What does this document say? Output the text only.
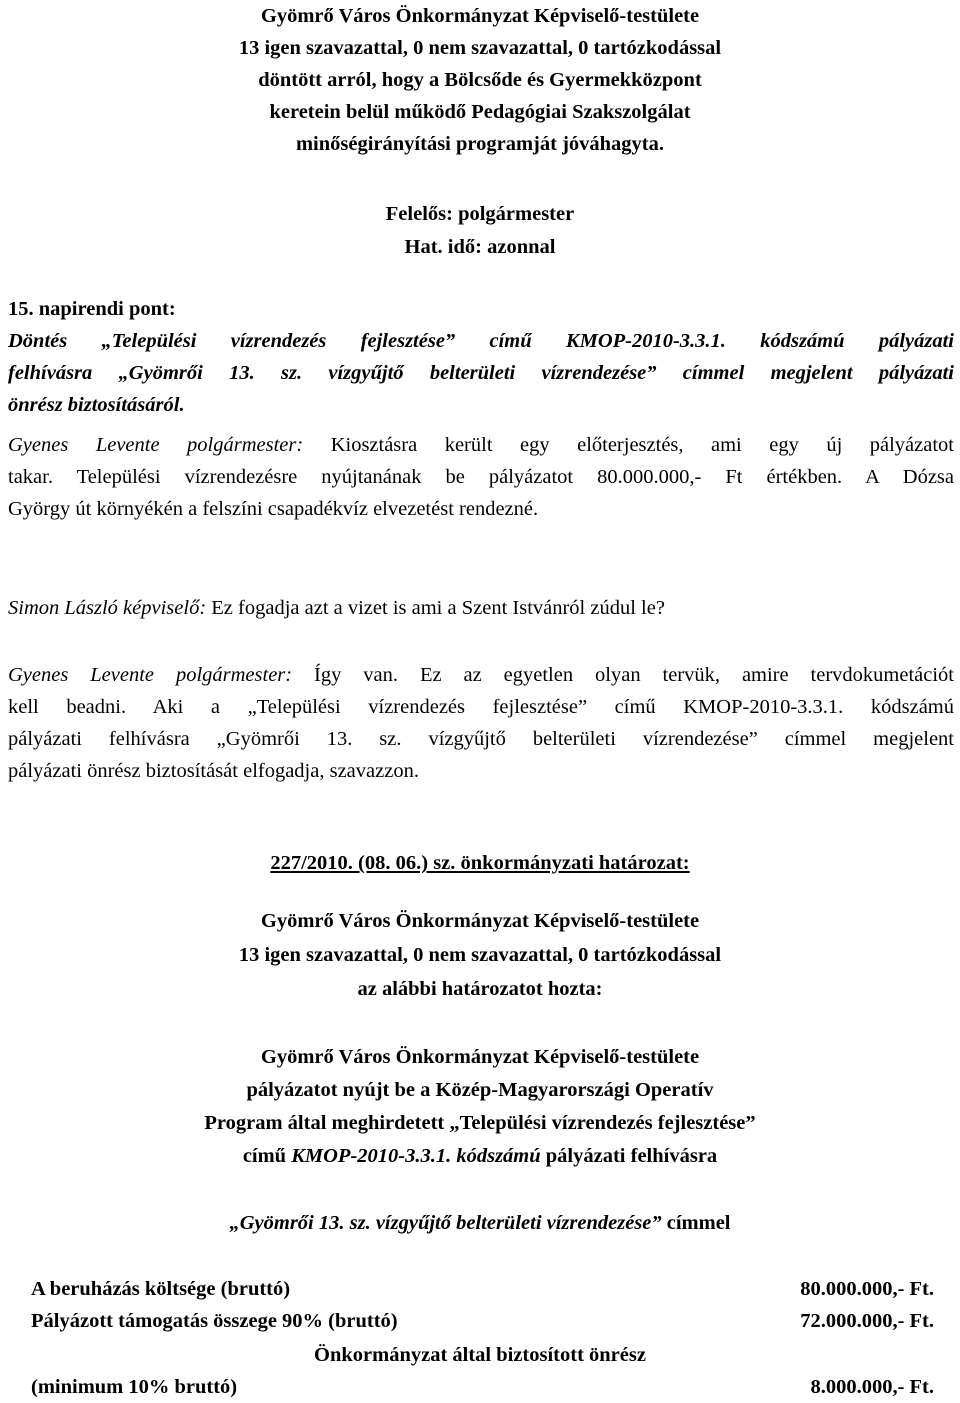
Gyömrő Város Önkormányzat Képviselő-testülete
13 igen szavazattal, 0 nem szavazattal, 0 tartózkodással
döntött arról, hogy a Bölcsőde és Gyermekközpont
keretein belül működő Pedagógiai Szakszolgálat
minőségirányítási programját jóváhagyta.
Felelős: polgármester
Hat. idő: azonnal
15. napirendi pont:
Döntés „Települési vízrendezés fejlesztése” című KMOP-2010-3.3.1. kódszámú pályázati
felhívásra „Gyömrői 13. sz. vízgyűjtő belterületi vízrendezése” címmel megjelent pályázati
önrész biztosításáról.
Gyenes Levente polgármester: Kiosztásra került egy előterjesztés, ami egy új pályázatot
takar. Települési vízrendezésre nyújtanának be pályázatot 80.000.000,- Ft értékben. A Dózsa
György út környékén a felszíni csapadékvíz elvezetést rendezné.
Simon László képviselő: Ez fogadja azt a vizet is ami a Szent Istvánról zúdul le?
Gyenes Levente polgármester: Így van. Ez az egyetlen olyan tervük, amire tervdokumetációt
kell beadni. Aki a „Települési vízrendezés fejlesztése” című KMOP-2010-3.3.1. kódszámú
pályázati felhívásra „Gyömrői 13. sz. vízgyűjtő belterületi vízrendezése” címmel megjelent
pályázati önrész biztosítását elfogadja, szavazzon.
227/2010. (08. 06.) sz. önkormányzati határozat:
Gyömrő Város Önkormányzat Képviselő-testülete
13 igen szavazattal, 0 nem szavazattal, 0 tartózkodással
az alábbi határozatot hozta:
Gyömrő Város Önkormányzat Képviselő-testülete
pályázatot nyújt be a Közép-Magyarországi Operatív
Program által meghirdetett „Települési vízrendezés fejlesztése”
című KMOP-2010-3.3.1. kódszámú pályázati felhívásra
„Gyömrői 13. sz. vízgyűjtő belterületi vízrendezése” címmel
A beruházás költsége (bruttó)	80.000.000,- Ft.
Pályázott támogatás összege 90% (bruttó)	72.000.000,- Ft.
Önkormányzat által biztosított önrész
(minimum 10% bruttó)	8.000.000,- Ft.
